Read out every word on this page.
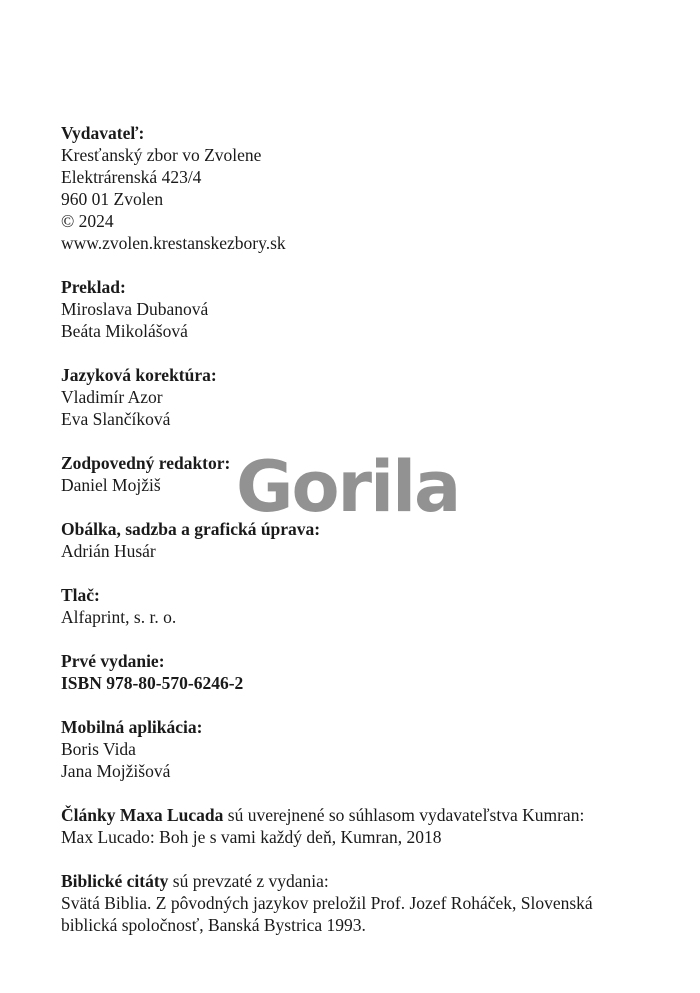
Vydavateľ:
Kresťanský zbor vo Zvolene
Elektrárenská 423/4
960 01 Zvolen
© 2024
www.zvolen.krestanskezbory.sk
Preklad:
Miroslava Dubanová
Beáta Mikolášová
Jazyková korektúra:
Vladimír Azor
Eva Slančíková
Zodpovedný redaktor:
Daniel Mojžiš
Obálka, sadzba a grafická úprava:
Adrián Husár
Tlač:
Alfaprint, s. r. o.
Prvé vydanie:
ISBN 978-80-570-6246-2
Mobilná aplikácia:
Boris Vida
Jana Mojžišová
Články Maxa Lucada sú uverejnené so súhlasom vydavateľstva Kumran:
Max Lucado: Boh je s vami každý deň, Kumran, 2018
Biblické citáty sú prevzaté z vydania:
Svätá Biblia. Z pôvodných jazykov preložil Prof. Jozef Roháček, Slovenská
biblická spoločnosť, Banská Bystrica 1993.
Gorila
